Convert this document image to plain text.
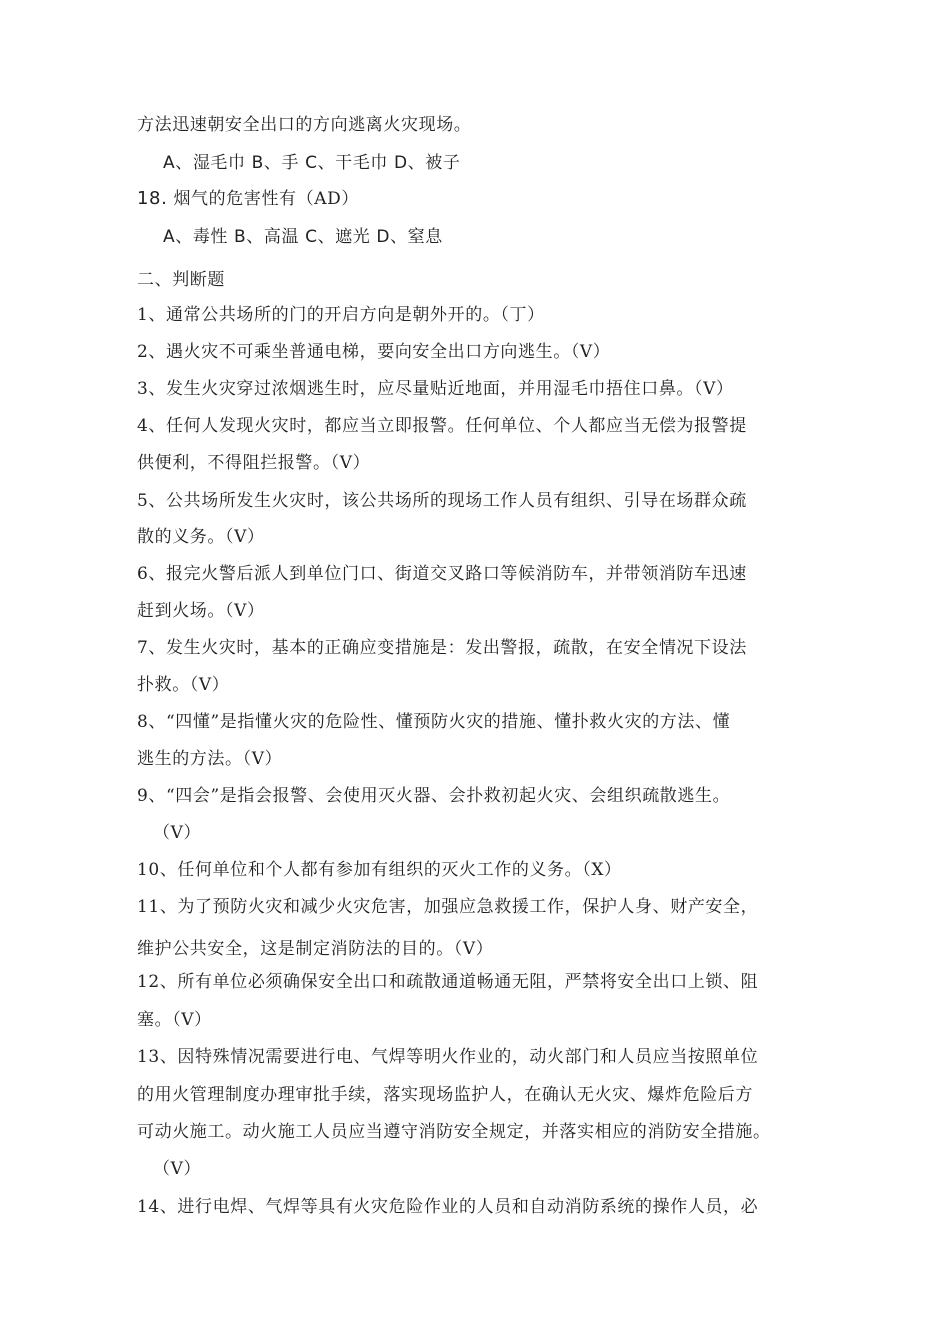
方法迅速朝安全出口的方向逃离火灾现场。
A、湿毛巾 B、手 C、干毛巾 D、被子
18. 烟气的危害性有（AD）
A、毒性 B、高温 C、遮光 D、窒息
二、判断题
1、通常公共场所的门的开启方向是朝外开的。（丁）
2、遇火灾不可乘坐普通电梯，要向安全出口方向逃生。（V）
3、发生火灾穿过浓烟逃生时，应尽量贴近地面，并用湿毛巾捂住口鼻。（V）
4、任何人发现火灾时，都应当立即报警。任何单位、个人都应当无偿为报警提
供便利，不得阻拦报警。（V）
5、公共场所发生火灾时，该公共场所的现场工作人员有组织、引导在场群众疏
散的义务。（V）
6、报完火警后派人到单位门口、街道交叉路口等候消防车，并带领消防车迅速
赶到火场。（V）
7、发生火灾时，基本的正确应变措施是：发出警报，疏散，在安全情况下设法
扑救。（V）
8、“四懂”是指懂火灾的危险性、懂预防火灾的措施、懂扑救火灾的方法、懂
逃生的方法。（V）
9、“四会”是指会报警、会使用灭火器、会扑救初起火灾、会组织疏散逃生。
（V）
10、任何单位和个人都有参加有组织的灭火工作的义务。（X）
11、为了预防火灾和减少火灾危害，加强应急救援工作，保护人身、财产安全，
维护公共安全，这是制定消防法的目的。（V）
12、所有单位必须确保安全出口和疏散通道畅通无阻，严禁将安全出口上锁、阻
塞。（V）
13、因特殊情况需要进行电、气焊等明火作业的，动火部门和人员应当按照单位
的用火管理制度办理审批手续，落实现场监护人，在确认无火灾、爆炸危险后方
可动火施工。动火施工人员应当遵守消防安全规定，并落实相应的消防安全措施。
（V）
14、进行电焊、气焊等具有火灾危险作业的人员和自动消防系统的操作人员，必
